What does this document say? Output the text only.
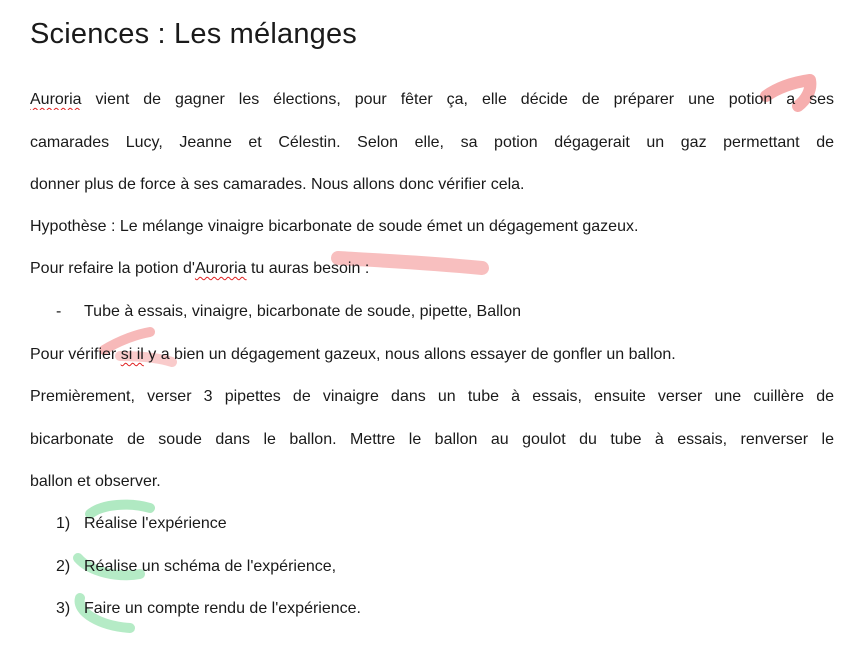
Sciences : Les mélanges
Auroria vient de gagner les élections, pour fêter ça, elle décide de préparer une potion a ses
camarades Lucy, Jeanne et Célestin. Selon elle, sa potion dégagerait un gaz permettant de
donner plus de force à ses camarades. Nous allons donc vérifier cela.
Hypothèse : Le mélange vinaigre bicarbonate de soude émet un dégagement gazeux.
Pour refaire la potion d'Auroria tu auras besoin :
- Tube à essais, vinaigre, bicarbonate de soude, pipette, Ballon
Pour vérifier si il y a bien un dégagement gazeux, nous allons essayer de gonfler un ballon.
Premièrement, verser 3 pipettes de vinaigre dans un tube à essais, ensuite verser une cuillère de
bicarbonate de soude dans le ballon. Mettre le ballon au goulot du tube à essais, renverser le
ballon et observer.
1) Réalise l'expérience
2) Réalise un schéma de l'expérience,
3) Faire un compte rendu de l'expérience.
